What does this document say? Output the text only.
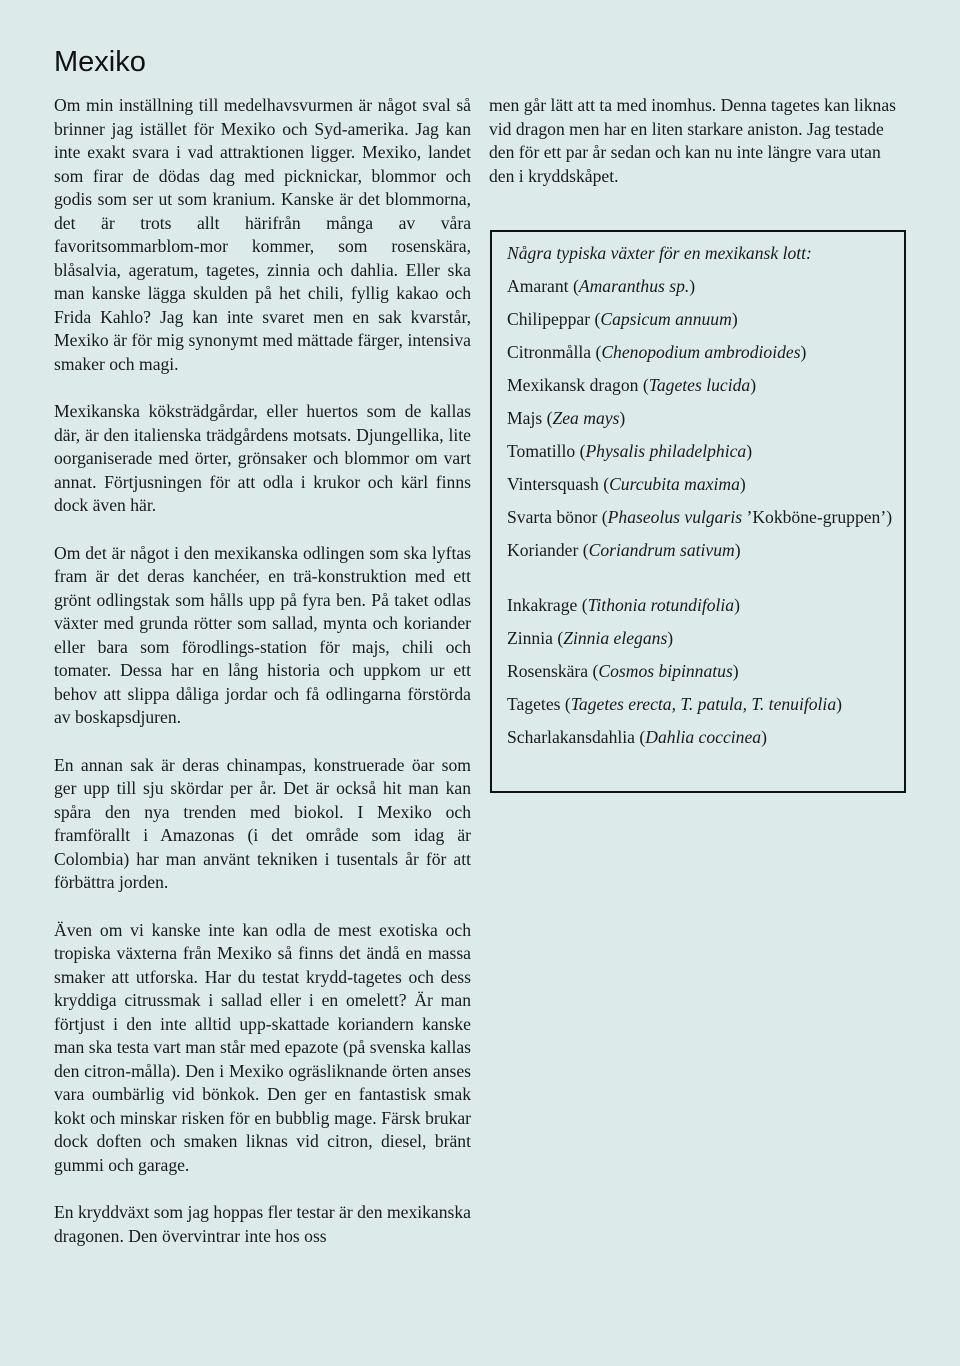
Mexiko

Om min inställning till medelhavsvurmen är något sval så brinner jag istället för Mexiko och Syd-amerika. Jag kan inte exakt svara i vad attraktionen ligger. Mexiko, landet som firar de dödas dag med picknickar, blommor och godis som ser ut som kranium. Kanske är det blommorna, det är trots allt härifrån många av våra favoritsommarblom-mor kommer, som rosenskära, blåsalvia, ageratum, tagetes, zinnia och dahlia. Eller ska man kanske lägga skulden på het chili, fyllig kakao och Frida Kahlo? Jag kan inte svaret men en sak kvarstår, Mexiko är för mig synonymt med mättade färger, intensiva smaker och magi.

Mexikanska köksträdgårdar, eller huertos som de kallas där, är den italienska trädgårdens motsats. Djungellika, lite oorganiserade med örter, grönsaker och blommor om vart annat. Förtjusningen för att odla i krukor och kärl finns dock även här.

Om det är något i den mexikanska odlingen som ska lyftas fram är det deras kanchéer, en trä-konstruktion med ett grönt odlingstak som hålls upp på fyra ben. På taket odlas växter med grunda rötter som sallad, mynta och koriander eller bara som förodlings-station för majs, chili och tomater. Dessa har en lång historia och uppkom ur ett behov att slippa dåliga jordar och få odlingarna förstörda av boskapsdjuren.

En annan sak är deras chinampas, konstruerade öar som ger upp till sju skördar per år. Det är också hit man kan spåra den nya trenden med biokol. I Mexiko och framförallt i Amazonas (i det område som idag är Colombia) har man använt tekniken i tusentals år för att förbättra jorden.

Även om vi kanske inte kan odla de mest exotiska och tropiska växterna från Mexiko så finns det ändå en massa smaker att utforska. Har du testat krydd-tagetes och dess kryddiga citrussmak i sallad eller i en omelett? Är man förtjust i den inte alltid upp-skattade koriandern kanske man ska testa vart man står med epazote (på svenska kallas den citron-målla). Den i Mexiko ogräsliknande örten anses vara oumbärlig vid bönkok. Den ger en fantastisk smak kokt och minskar risken för en bubblig mage. Färsk brukar dock doften och smaken liknas vid citron, diesel, bränt gummi och garage.

En kryddväxt som jag hoppas fler testar är den mexikanska dragonen. Den övervintrar inte hos oss

men går lätt att ta med inomhus. Denna tagetes kan liknas vid dragon men har en liten starkare aniston. Jag testade den för ett par år sedan och kan nu inte längre vara utan den i kryddskåpet.

Några typiska växter för en mexikansk lott:
Amarant (Amaranthus sp.)
Chilipeppar (Capsicum annuum)
Citronmålla (Chenopodium ambrodioides)
Mexikansk dragon (Tagetes lucida)
Majs (Zea mays)
Tomatillo (Physalis philadelphica)
Vintersquash (Curcubita maxima)
Svarta bönor (Phaseolus vulgaris ’Kokböne-gruppen’)
Koriander (Coriandrum sativum)
Inkakrage (Tithonia rotundifolia)
Zinnia (Zinnia elegans)
Rosenskära (Cosmos bipinnatus)
Tagetes (Tagetes erecta, T. patula, T. tenuifolia)
Scharlakansdahlia (Dahlia coccinea)
